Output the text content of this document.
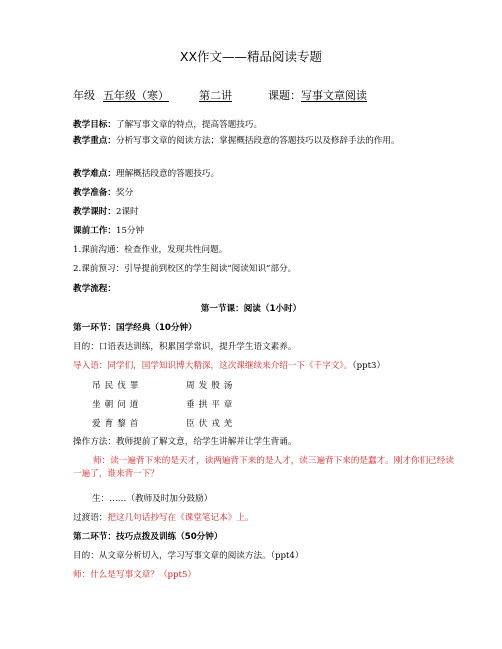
XX作文——精品阅读专题
年级 五年级（寒）	第二讲	课题：写事文章阅读
教学目标：了解写事文章的特点，提高答题技巧。
教学重点：分析写事文章的阅读方法；掌握概括段意的答题技巧以及修辞手法的作用。
教学难点：理解概括段意的答题技巧。
教学准备：奖分
教学课时：2课时
课前工作：15分钟
1.课前沟通：检查作业，发现共性问题。
2.课前预习：引导提前到校区的学生阅读“阅读知识”部分。
教学流程：
第一节课：阅读（1小时）
第一环节：国学经典（10分钟）
目的：口语表达训练，积累国学常识，提升学生语文素养。
导入语：同学们，国学知识博大精深，这次课继续来介绍一下《千字文》。（ppt3）
吊民伐罪	周发殷汤
坐朝问道	垂拱平章
爱育黎首	臣伏戎羌
操作方法：教师提前了解文意，给学生讲解并让学生背诵。
师：读一遍背下来的是天才，读两遍背下来的是人才，读三遍背下来的是蠢才。刚才你们已经读一遍了，谁来背一下？
生：……（教师及时加分鼓励）
过渡语：把这几句话抄写在《课堂笔记本》上。
第二环节：技巧点拨及训练（50分钟）
目的：从文章分析切入，学习写事文章的阅读方法。（ppt4）
师：什么是写事文章？（ppt5）
